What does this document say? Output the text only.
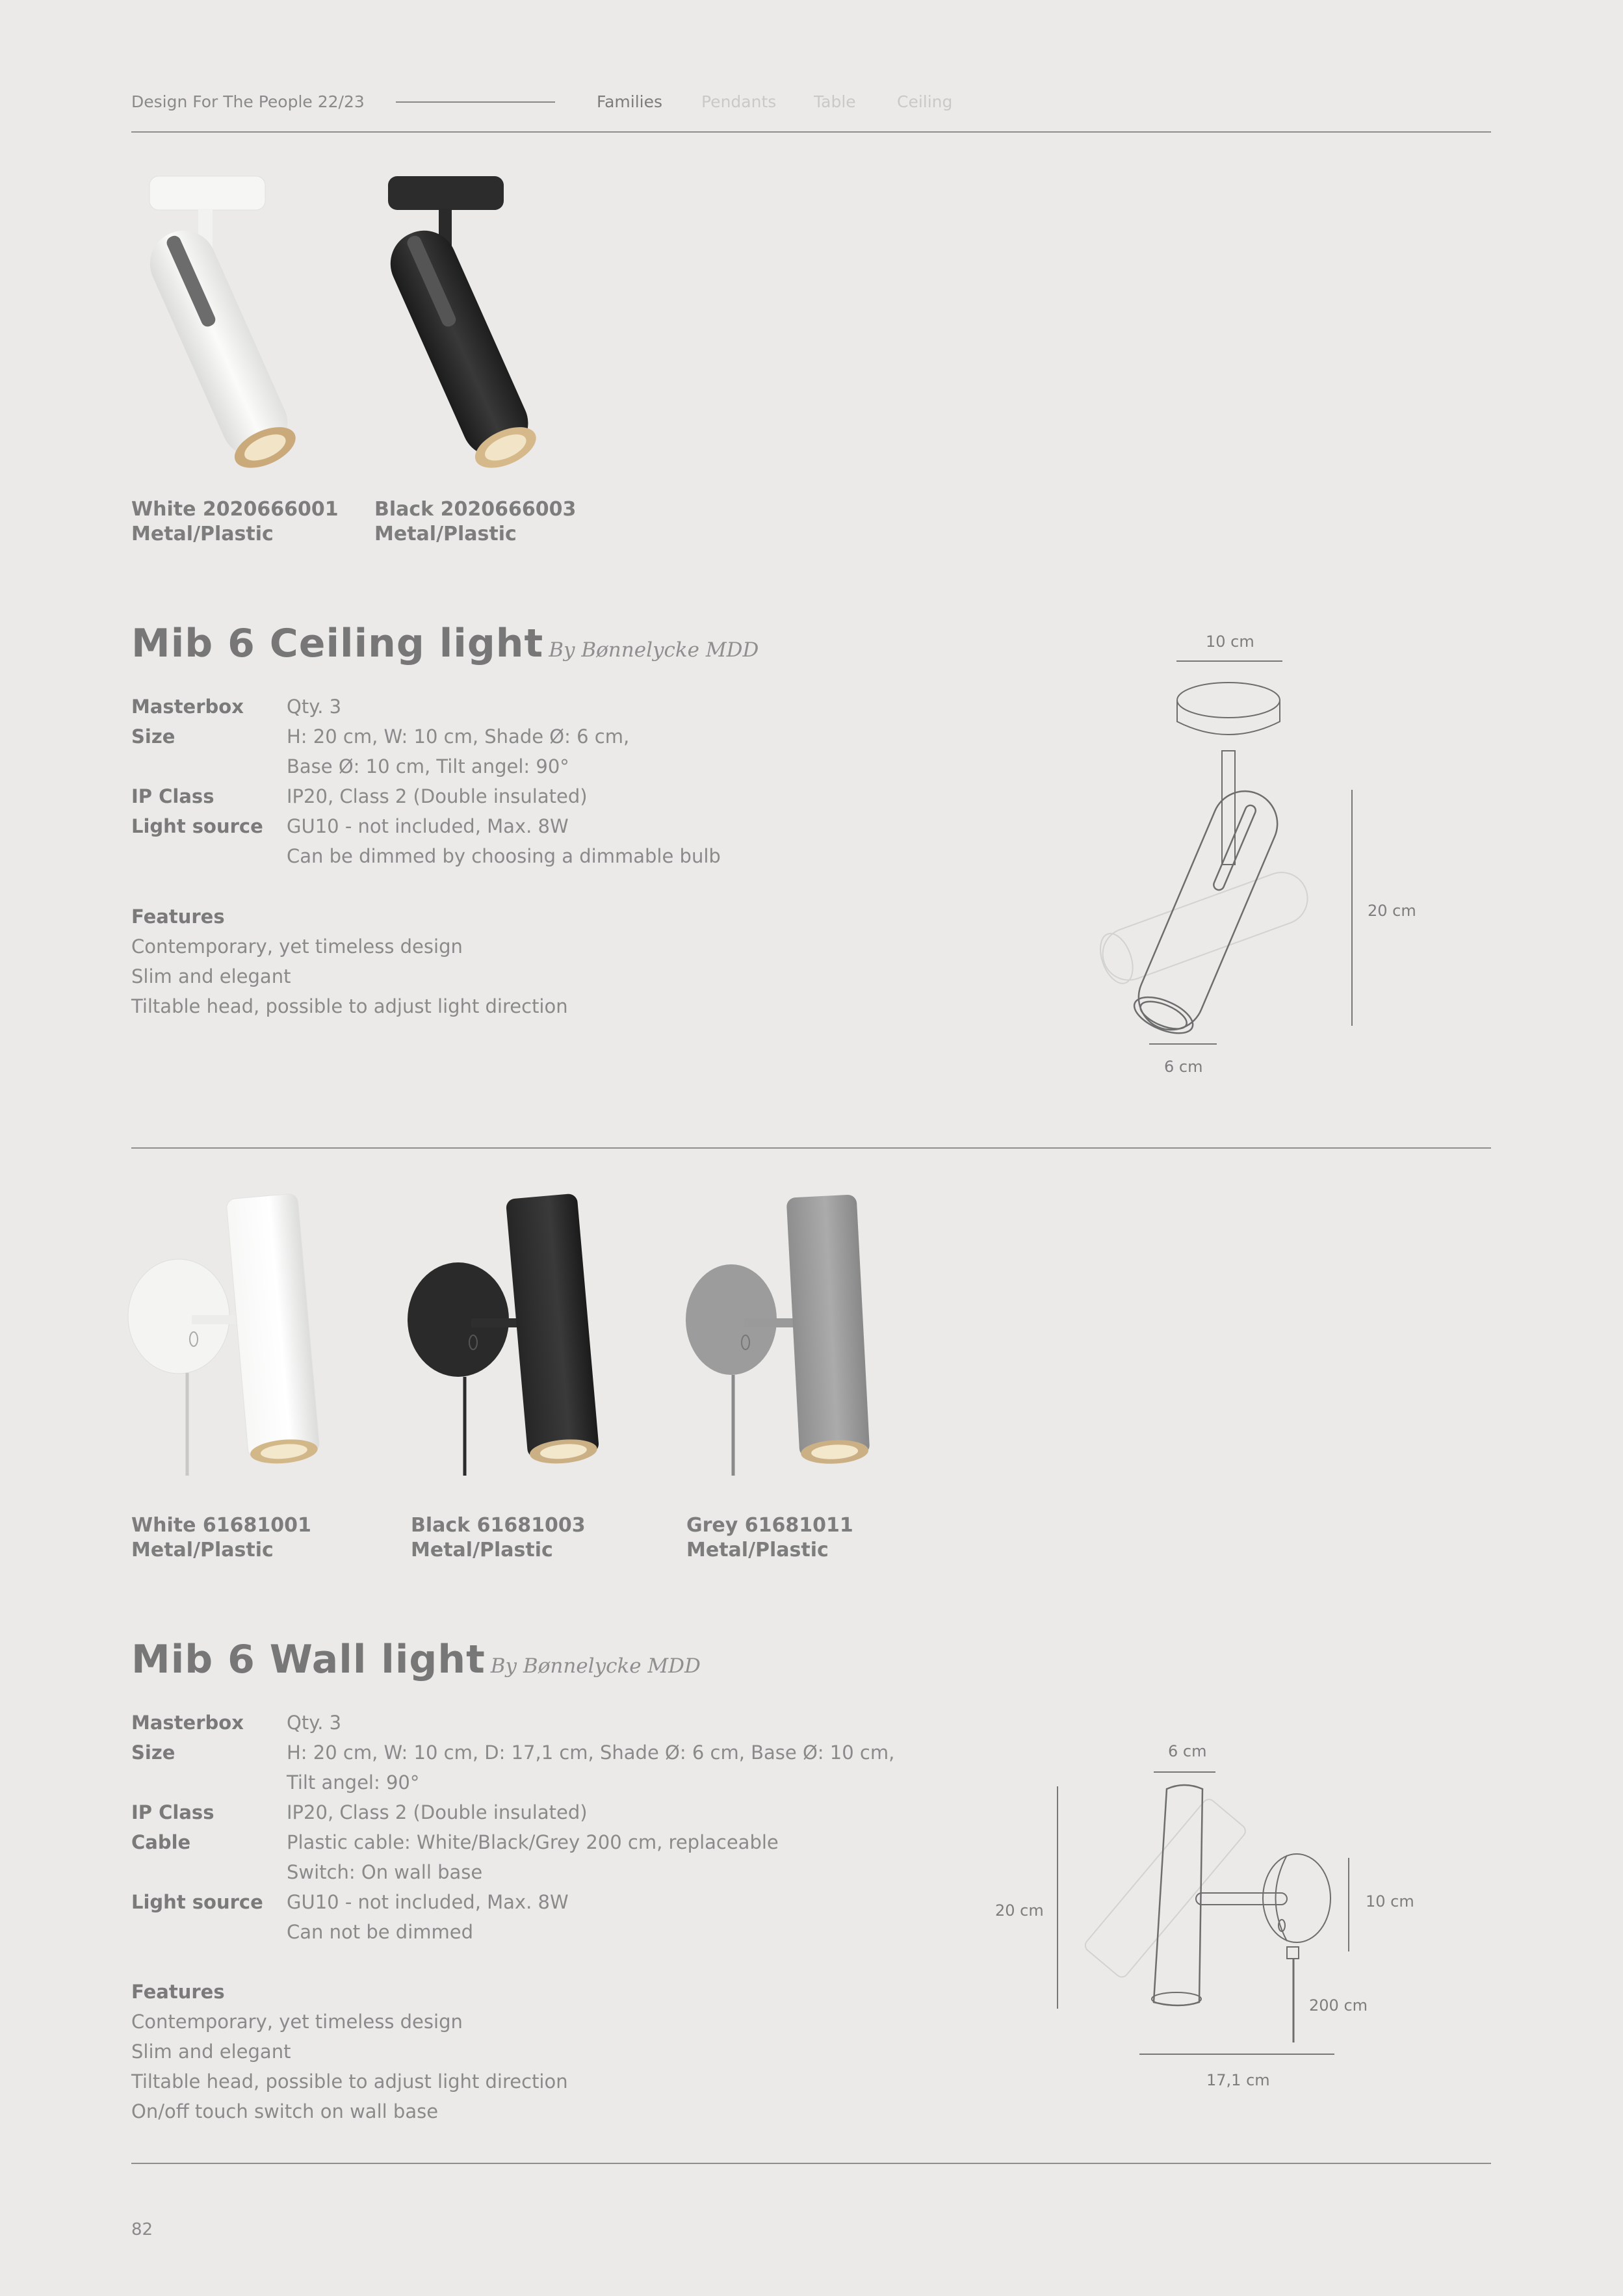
Design For The People 22/23	Families Pendants Table	Ceiling
White 2020666001
Metal/Plastic
Black 2020666003
Metal/Plastic
Mib 6 Ceiling light By Bønnelycke MDD
Masterbox Qty. 3
Size	H: 20 cm, W: 10 cm, Shade Ø: 6 cm,
Base Ø: 10 cm, Tilt angel: 90°
IP Class	IP20, Class 2 (Double insulated)
Light source GU10 - not included, Max. 8W
Can be dimmed by choosing a dimmable bulb
Features
Contemporary, yet timeless design
Slim and elegant
Tiltable head, possible to adjust light direction
10 cm
20 cm
6 cm
White 61681001
Metal/Plastic
Black 61681003
Metal/Plastic
Grey 61681011
Metal/Plastic
Mib 6 Wall light By Bønnelycke MDD
Masterbox Qty. 3
Size	H: 20 cm, W: 10 cm, D: 17,1 cm, Shade Ø: 6 cm, Base Ø: 10 cm,
Tilt angel: 90°
IP Class	IP20, Class 2 (Double insulated)
Cable	Plastic cable: White/Black/Grey 200 cm, replaceable
Switch: On wall base
Light source GU10 - not included, Max. 8W
Can not be dimmed
Features
Contemporary, yet timeless design
Slim and elegant
Tiltable head, possible to adjust light direction
On/off touch switch on wall base
6 cm
20 cm	10 cm
200 cm
17,1 cm
82
